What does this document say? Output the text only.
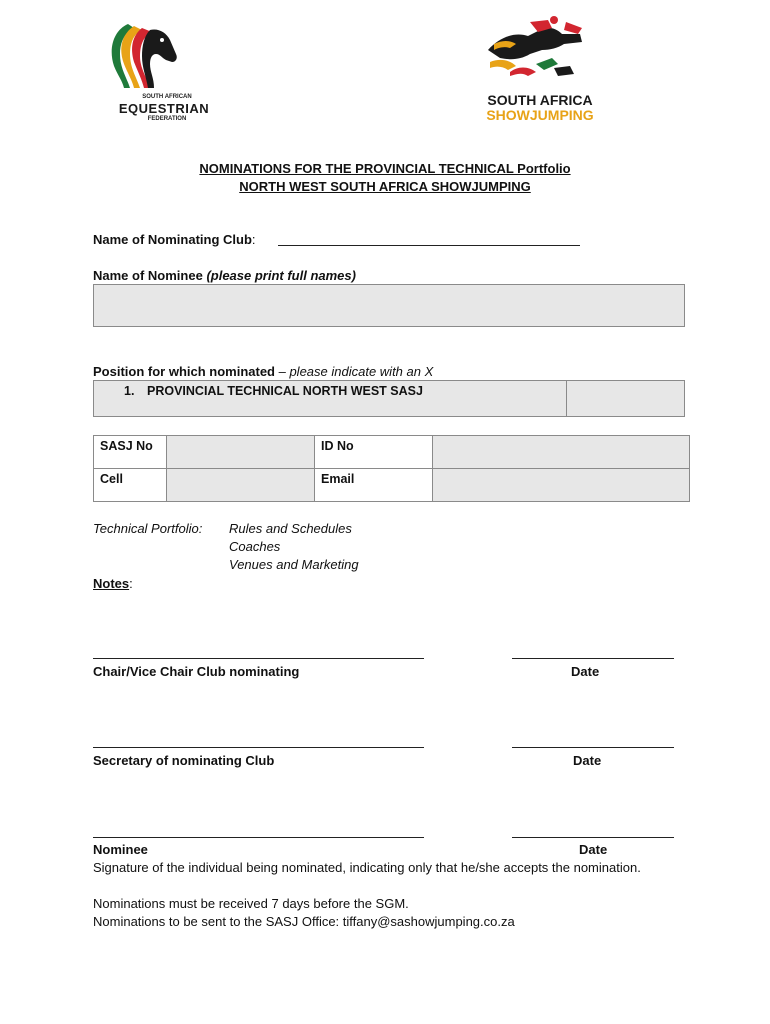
SOUTH AFRICAN
EQUESTRIAN
FEDERATION
SOUTH AFRICA
SHOWJUMPING
NOMINATIONS FOR THE PROVINCIAL TECHNICAL Portfolio
NORTH WEST SOUTH AFRICA SHOWJUMPING
Name of Nominating Club:
Name of Nominee (please print full names)
Position for which nominated – please indicate with an X
1. PROVINCIAL TECHNICAL NORTH WEST SASJ
SASJ No		ID No	
Cell		Email	
Technical Portfolio: Rules and Schedules
Coaches
Venues and Marketing
Notes:
Chair/Vice Chair Club nominating	Date
Secretary of nominating Club	Date
Nominee	Date
Signature of the individual being nominated, indicating only that he/she accepts the nomination.
Nominations must be received 7 days before the SGM.
Nominations to be sent to the SASJ Office: tiffany@sashowjumping.co.za
